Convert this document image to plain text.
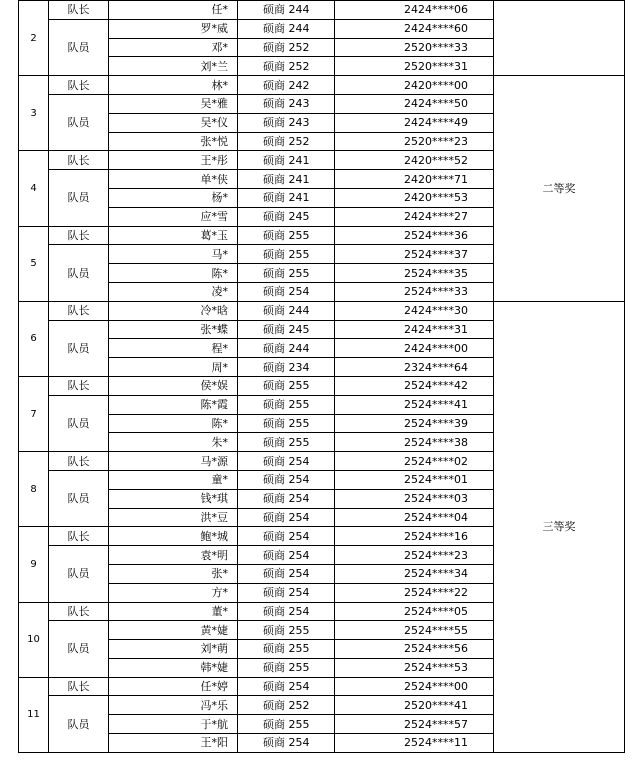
2	队长	任*	硕商 244	2424****06	
	队员	罗*威	硕商 244	2424****60	
		邓*	硕商 252	2520****33	
		刘*兰	硕商 252	2520****31	
3	队长	林*	硕商 242	2420****00	二等奖
	队员	吴*雅	硕商 243	2424****50	
		吴*仪	硕商 243	2424****49	
		张*悦	硕商 252	2520****23	
4	队长	王*彤	硕商 241	2420****52	
	队员	单*侠	硕商 241	2420****71	
		杨*	硕商 241	2420****53	
		应*雪	硕商 245	2424****27	
5	队长	葛*玉	硕商 255	2524****36	
	队员	马*	硕商 255	2524****37	
		陈*	硕商 255	2524****35	
		凌*	硕商 254	2524****33	
6	队长	冷*晗	硕商 244	2424****30	三等奖
	队员	张*蝶	硕商 245	2424****31	
		程*	硕商 244	2424****00	
		周*	硕商 234	2324****64	
7	队长	侯*娱	硕商 255	2524****42	
	队员	陈*霞	硕商 255	2524****41	
		陈*	硕商 255	2524****39	
		朱*	硕商 255	2524****38	
8	队长	马*源	硕商 254	2524****02	
	队员	童*	硕商 254	2524****01	
		钱*琪	硕商 254	2524****03	
		洪*豆	硕商 254	2524****04	
9	队长	鲍*城	硕商 254	2524****16	
	队员	袁*明	硕商 254	2524****23	
		张*	硕商 254	2524****34	
		方*	硕商 254	2524****22	
10	队长	董*	硕商 254	2524****05	
	队员	黄*婕	硕商 255	2524****55	
		刘*萌	硕商 255	2524****56	
		韩*婕	硕商 255	2524****53	
11	队长	任*婷	硕商 254	2524****00	
	队员	冯*乐	硕商 252	2520****41	
		于*航	硕商 255	2524****57	
		王*阳	硕商 254	2524****11	
